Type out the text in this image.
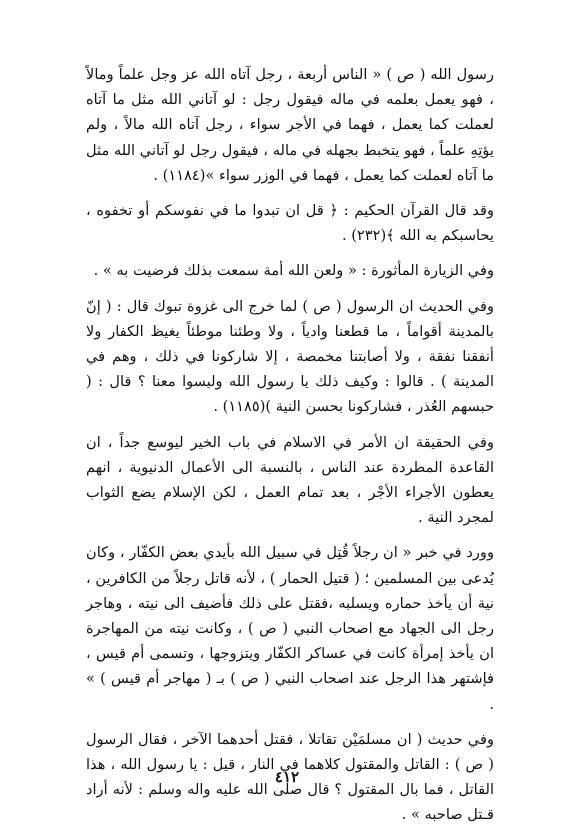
رسول الله ( ص ) « الناس أربعة ، رجل آتاه الله عز وجل علماً ومالاً ، فهو يعمل بعلمه في ماله فيقول رجل : لو آتاني الله مثل ما آتاه لعملت كما يعمل ، فهما في الأجر سواء ، رجل آتاه الله مالاً ، ولم يؤتِهِ علماً ، فهو يتخبط بجهله في ماله ، فيقول رجل لو آتاني الله مثل ما آتاه لعملت كما يعمل ، فهما في الوزر سواء »(١١٨٤) .

وقد قال القرآن الحكيم : ﴿ قل ان تبدوا ما في نفوسكم أو تخفوه ، يحاسبكم به الله ﴾(٢٣٢) .

وفي الزيارة المأثورة : « ولعن الله أمة سمعت بذلك فرضيت به » .

وفي الحديث ان الرسول ( ص ) لما خرج الى غزوة تبوك قال : ( إنّ بالمدينة أقواماً ، ما قطعنا وادياً ، ولا وطئنا موطئاً يغيظ الكفار ولا أنفقنا نفقة ، ولا أصابتنا مخمصة ، إلا شاركونا في ذلك ، وهم في المدينة ) . قالوا : وكيف ذلك يا رسول الله وليسوا معنا ؟ قال : ( حبسهم العُذر ، فشاركونا بحسن النية )(١١٨٥) .

وفي الحقيقة ان الأمر في الاسلام في باب الخير ليوسع جداً ، ان القاعدة المطردة عند الناس ، بالنسبة الى الأعمال الدنيوية ، انهم يعطون الأجراء الأجْر ، بعد تمام العمل ، لكن الإسلام يضع الثواب لمجرد النية .

وورد في خبر « ان رجلاً قُتِل في سبيل الله بأيدي بعض الكفّار ، وكان يُدعى بين المسلمين ؛ ( قتيل الحمار ) ، لأنه قاتل رجلاً من الكافرين ، نية أن يأخذ حماره ويسلبه ،فقتل على ذلك فأضيف الى نيته ، وهاجر رجل الى الجهاد مع اصحاب النبي ( ص ) ، وكانت نيته من المهاجرة ان يأخذ إمرأة كانت في عساكر الكفّار ويتزوجها ، وتسمى أم قيس ، فإشتهر هذا الرجل عند اصحاب النبي ( ص ) بـ ( مهاجر أم قيس ) » .

وفي حديث ( ان مسلمَيْن تقاتلا ، فقتل أحدهما الآخر ، فقال الرسول ( ص ) : القاتل والمقتول كلاهما في النار ، قيل : يا رسول الله ، هذا القاتل ، فما بال المقتول ؟ قال صلى الله عليه واله وسلم : لأنه أراد قـتل صاحبه » .

٤١٢
